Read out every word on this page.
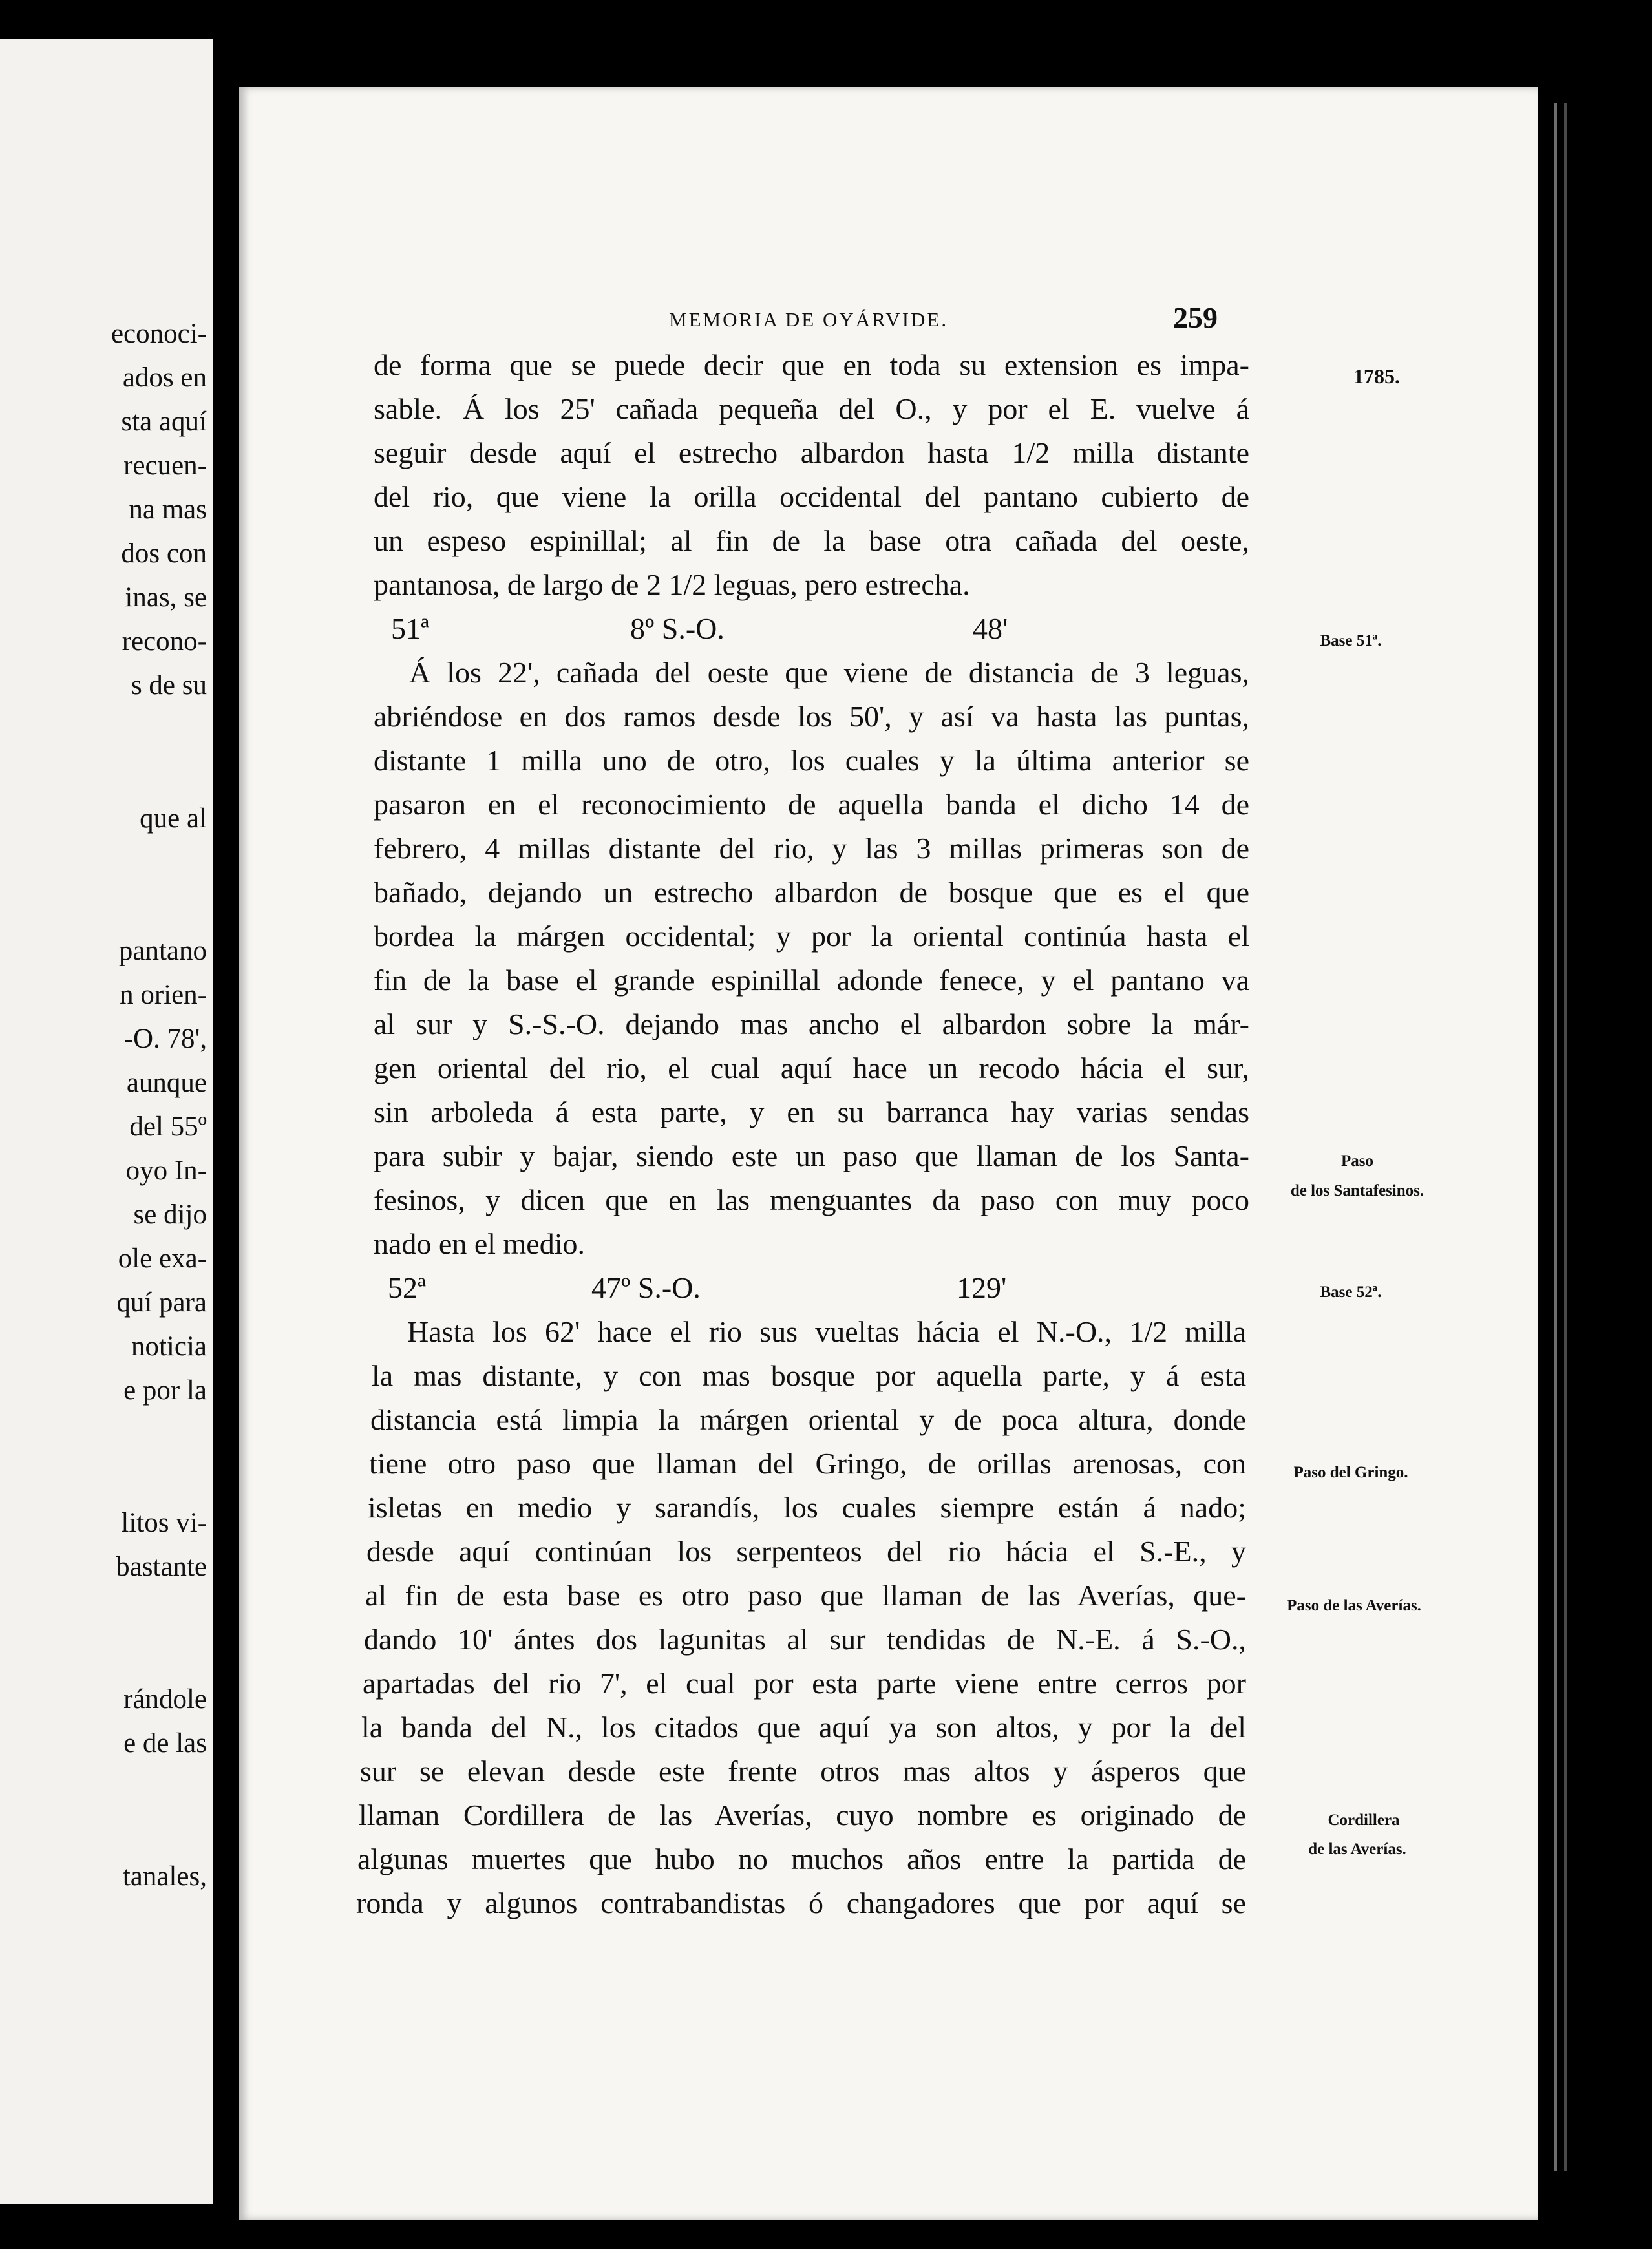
econoci-
ados en
sta aquí
recuen-
na mas
dos con
inas, se
recono-
s de su
que al
pantano
n orien-
-O. 78',
aunque
del 55º
oyo In-
se dijo
ole exa-
quí para
noticia
e por la
litos vi-
bastante
rándole
e de las
tanales,
MEMORIA DE OYÁRVIDE.	259
1785.
Base 51ª.
Paso
de los Santafesinos.
Base 52ª.
Paso del Gringo.
Paso de las Averías.
Cordillera
de las Averías.
de forma que se puede decir que en toda su extension es impa-
sable. Á los 25' cañada pequeña del O., y por el E. vuelve á
seguir desde aquí el estrecho albardon hasta 1/2 milla distante
del rio, que viene la orilla occidental del pantano cubierto de
un espeso espinillal; al fin de la base otra cañada del oeste,
pantanosa, de largo de 2 1/2 leguas, pero estrecha.
51ª	8º S.-O.	48'
Á los 22', cañada del oeste que viene de distancia de 3 leguas,
abriéndose en dos ramos desde los 50', y así va hasta las puntas,
distante 1 milla uno de otro, los cuales y la última anterior se
pasaron en el reconocimiento de aquella banda el dicho 14 de
febrero, 4 millas distante del rio, y las 3 millas primeras son de
bañado, dejando un estrecho albardon de bosque que es el que
bordea la márgen occidental; y por la oriental continúa hasta el
fin de la base el grande espinillal adonde fenece, y el pantano va
al sur y S.-S.-O. dejando mas ancho el albardon sobre la már-
gen oriental del rio, el cual aquí hace un recodo hácia el sur,
sin arboleda á esta parte, y en su barranca hay varias sendas
para subir y bajar, siendo este un paso que llaman de los Santa-
fesinos, y dicen que en las menguantes da paso con muy poco
nado en el medio.
52ª	47º S.-O.	129'
Hasta los 62' hace el rio sus vueltas hácia el N.-O., 1/2 milla
la mas distante, y con mas bosque por aquella parte, y á esta
distancia está limpia la márgen oriental y de poca altura, donde
tiene otro paso que llaman del Gringo, de orillas arenosas, con
isletas en medio y sarandís, los cuales siempre están á nado;
desde aquí continúan los serpenteos del rio hácia el S.-E., y
al fin de esta base es otro paso que llaman de las Averías, que-
dando 10' ántes dos lagunitas al sur tendidas de N.-E. á S.-O.,
apartadas del rio 7', el cual por esta parte viene entre cerros por
la banda del N., los citados que aquí ya son altos, y por la del
sur se elevan desde este frente otros mas altos y ásperos que
llaman Cordillera de las Averías, cuyo nombre es originado de
algunas muertes que hubo no muchos años entre la partida de
ronda y algunos contrabandistas ó changadores que por aquí se
